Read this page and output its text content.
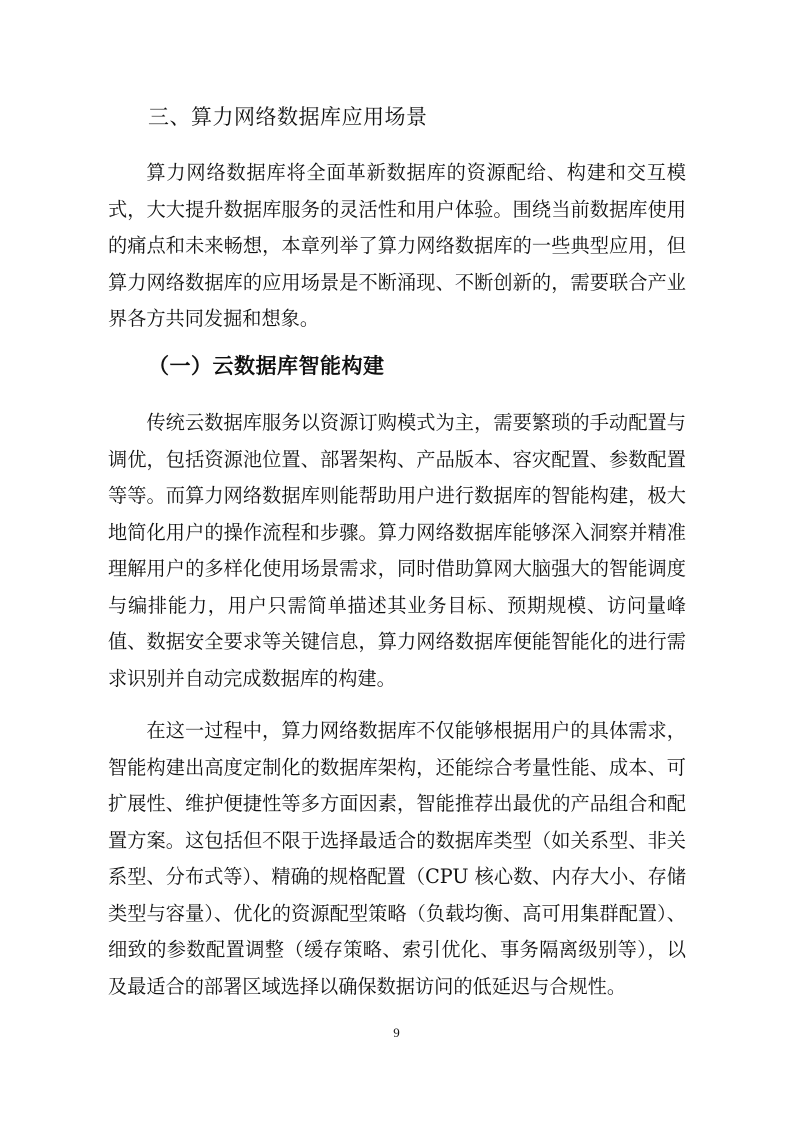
三、算力网络数据库应用场景

算力网络数据库将全面革新数据库的资源配给、构建和交互模式，大大提升数据库服务的灵活性和用户体验。围绕当前数据库使用的痛点和未来畅想，本章列举了算力网络数据库的一些典型应用，但算力网络数据库的应用场景是不断涌现、不断创新的，需要联合产业界各方共同发掘和想象。

（一）云数据库智能构建

传统云数据库服务以资源订购模式为主，需要繁琐的手动配置与调优，包括资源池位置、部署架构、产品版本、容灾配置、参数配置等等。而算力网络数据库则能帮助用户进行数据库的智能构建，极大地简化用户的操作流程和步骤。算力网络数据库能够深入洞察并精准理解用户的多样化使用场景需求，同时借助算网大脑强大的智能调度与编排能力，用户只需简单描述其业务目标、预期规模、访问量峰值、数据安全要求等关键信息，算力网络数据库便能智能化的进行需求识别并自动完成数据库的构建。

在这一过程中，算力网络数据库不仅能够根据用户的具体需求，智能构建出高度定制化的数据库架构，还能综合考量性能、成本、可扩展性、维护便捷性等多方面因素，智能推荐出最优的产品组合和配置方案。这包括但不限于选择最适合的数据库类型（如关系型、非关系型、分布式等）、精确的规格配置（CPU 核心数、内存大小、存储类型与容量）、优化的资源配型策略（负载均衡、高可用集群配置）、细致的参数配置调整（缓存策略、索引优化、事务隔离级别等），以及最适合的部署区域选择以确保数据访问的低延迟与合规性。

9
